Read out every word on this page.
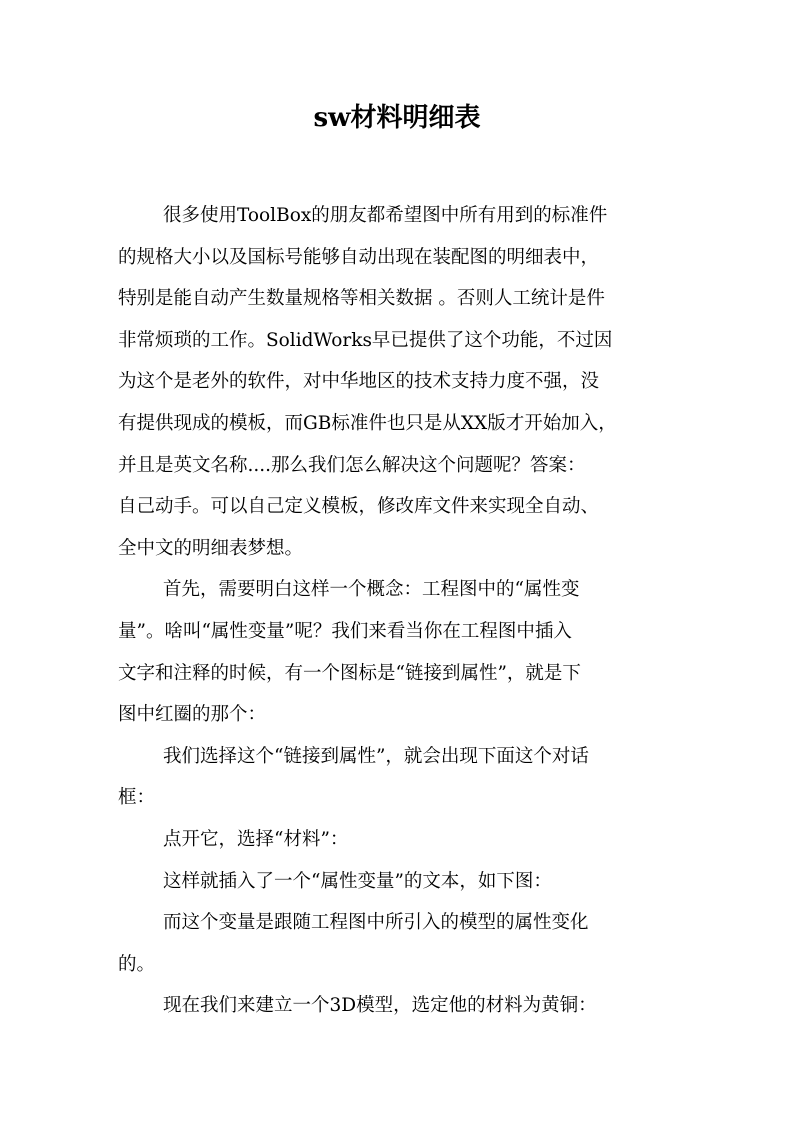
sw材料明细表
很多使用ToolBox的朋友都希望图中所有用到的标准件
的规格大小以及国标号能够自动出现在装配图的明细表中，
特别是能自动产生数量规格等相关数据 。否则人工统计是件
非常烦琐的工作。SolidWorks早已提供了这个功能，不过因
为这个是老外的软件，对中华地区的技术支持力度不强，没
有提供现成的模板，而GB标准件也只是从XX版才开始加入，
并且是英文名称....那么我们怎么解决这个问题呢？答案：
自己动手。可以自己定义模板，修改库文件来实现全自动、
全中文的明细表梦想。
首先，需要明白这样一个概念：工程图中的“属性变
量”。啥叫“属性变量”呢？我们来看当你在工程图中插入
文字和注释的时候，有一个图标是“链接到属性”，就是下
图中红圈的那个：
我们选择这个“链接到属性”，就会出现下面这个对话
框：
点开它，选择“材料”：
这样就插入了一个“属性变量”的文本，如下图：
而这个变量是跟随工程图中所引入的模型的属性变化
的。
现在我们来建立一个3D模型，选定他的材料为黄铜：
